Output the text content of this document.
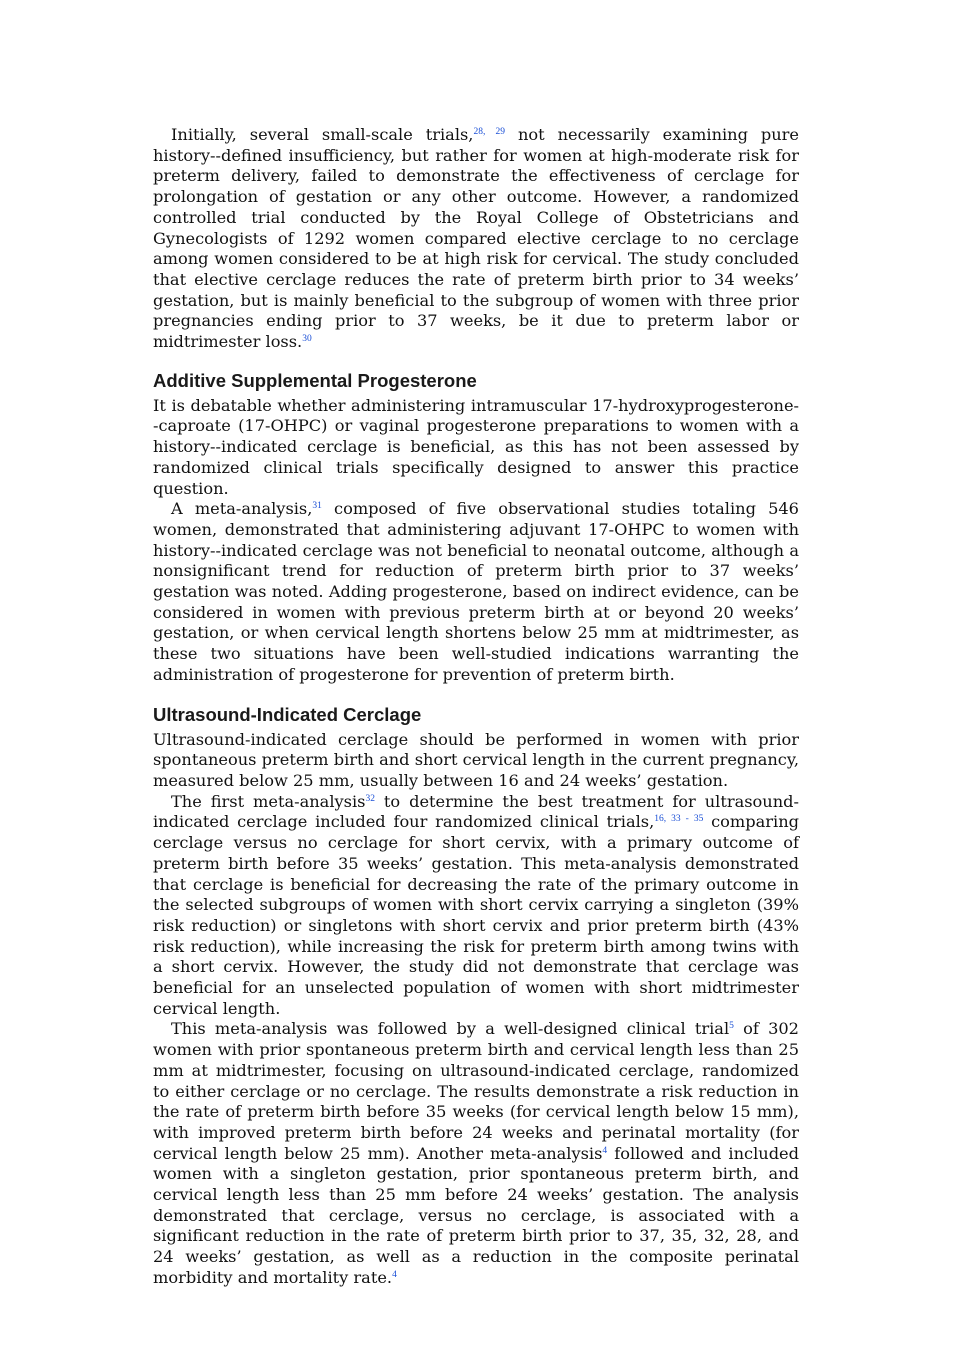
Initially, several small-scale trials,$^{28, 29}$ not necessarily examining pure history--defined insufficiency, but rather for women at high-moderate risk for preterm delivery, failed to demonstrate the effectiveness of cerclage for prolongation of gestation or any other outcome. However, a randomized controlled trial conducted by the Royal College of Obstetricians and Gynecologists of 1292 women compared elective cerclage to no cerclage among women considered to be at high risk for cervical. The study concluded that elective cerclage reduces the rate of preterm birth prior to 34 weeks’ gestation, but is mainly beneficial to the subgroup of women with three prior pregnancies ending prior to 37 weeks, be it due to preterm labor or midtrimester loss.$^{30}$

Additive Supplemental Progesterone

It is debatable whether administering intramuscular 17-hydroxyprogesterone--caproate (17-OHPC) or vaginal progesterone preparations to women with a history--indicated cerclage is beneficial, as this has not been assessed by randomized clinical trials specifically designed to answer this practice question.

A meta-analysis,$^{31}$ composed of five observational studies totaling 546 women, demonstrated that administering adjuvant 17-OHPC to women with history--indicated cerclage was not beneficial to neonatal outcome, although a nonsignificant trend for reduction of preterm birth prior to 37 weeks’ gestation was noted. Adding progesterone, based on indirect evidence, can be considered in women with previous preterm birth at or beyond 20 weeks’ gestation, or when cervical length shortens below 25 mm at midtrimester, as these two situations have been well-studied indications warranting the administration of progesterone for prevention of preterm birth.

Ultrasound-Indicated Cerclage

Ultrasound-indicated cerclage should be performed in women with prior spontaneous preterm birth and short cervical length in the current pregnancy, measured below 25 mm, usually between 16 and 24 weeks’ gestation.

The first meta-analysis$^{32}$ to determine the best treatment for ultrasound-indicated cerclage included four randomized clinical trials,$^{16, 33 - 35}$ comparing cerclage versus no cerclage for short cervix, with a primary outcome of preterm birth before 35 weeks’ gestation. This meta-analysis demonstrated that cerclage is beneficial for decreasing the rate of the primary outcome in the selected subgroups of women with short cervix carrying a singleton (39% risk reduction) or singletons with short cervix and prior preterm birth (43% risk reduction), while increasing the risk for preterm birth among twins with a short cervix. However, the study did not demonstrate that cerclage was beneficial for an unselected population of women with short midtrimester cervical length.

This meta-analysis was followed by a well-designed clinical trial$^5$ of 302 women with prior spontaneous preterm birth and cervical length less than 25 mm at midtrimester, focusing on ultrasound-indicated cerclage, randomized to either cerclage or no cerclage. The results demonstrate a risk reduction in the rate of preterm birth before 35 weeks (for cervical length below 15 mm), with improved preterm birth before 24 weeks and perinatal mortality (for cervical length below 25 mm). Another meta-analysis$^4$ followed and included women with a singleton gestation, prior spontaneous preterm birth, and cervical length less than 25 mm before 24 weeks’ gestation. The analysis demonstrated that cerclage, versus no cerclage, is associated with a significant reduction in the rate of preterm birth prior to 37, 35, 32, 28, and 24 weeks’ gestation, as well as a reduction in the composite perinatal morbidity and mortality rate.$^4$
